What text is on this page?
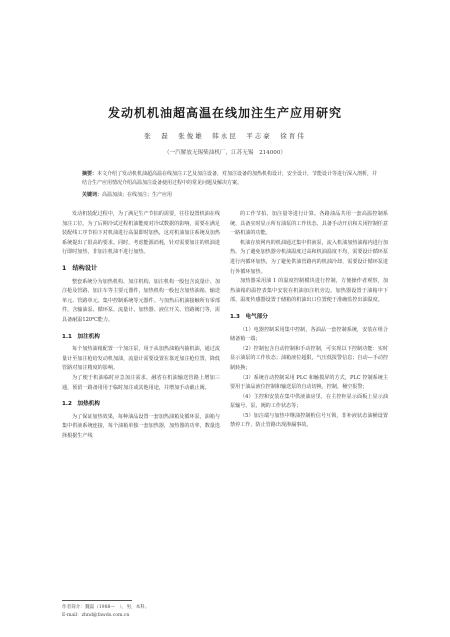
发动机机油超高温在线加注生产应用研究
张　磊　张俊雄　韩永昆　平志豪　徐育伟
（一汽解放无锡柴油机厂，江苏无锡　214000）
摘要：本文介绍了发动机机油超高温在线加注工艺及加注设备，对加注设备的加热机构设计，安全设计，节能设计等进行深入剖析，并结合生产应用情况介绍高温加注设备使用过程中的常见问题及解决方案。
关键词：高温加油；在线加注；生产应用

发动机装配过程中，为了满足生产节拍的需要，往往设置机油在线加注工位。为了后期冷试过程机油能度对冷试数据的影响，需要在满足装配线工序节拍下对机油进行高温即时加热，这对机油加注系统及加热系统提出了很高的要求。同时，考虑能源消耗，针对需要加注的机油进行即时加热，非加注机油不进行加热。

1　结构设计

整套系统分为加热机构、加注机构、加注机构一般包含流量计、加注枪及管路、加注车等主要元器件，加热机构一般包含加热油箱、输送单元、管路单元、集中控制系统等元器件。与加热后机油接触所有零部件，含输油泵、循环泵、流量计、加热器、液位开关、管路阀门等，需具备耐温120℃能力。

1.1　加注机构

每个加热油箱配置一个加注泵，用于从加热油箱内抽机油，通过流量计至加注枪给发动机加油，流量计需要设置在靠近加注枪位置，降低管路对加注精度的影响。

为了便于机油临时应急加注需求，融省在机油输送管路上增加三通，预留一路备用用于临时加注或其他用途，并增加手动截止阀。

1.2　加热机构

为了保证加热效果，每种油品设置一套加热油箱及循环泵，油箱与集中供液系统连接，每个油箱单独一套加热器，加热器的功率，数量选择根据生产线

的工作节拍、加注量等进行计算。各路油品共用一套高温控制系统，具备实时显示所有油泵的工作状态，具备手动开启和关闭控制任意一路机油的功能。

机油存放网内的机油通过集中供液泵，流入机油加热油箱内进行加热。为了避免加热器旁机油温度过高和机油温度不均，需要设计循环泵进行内循环加热，为了避免供油管路内的机油冷却，需要设计循环泵进行外循环加热。

加热器采用油 1 的温度控制模块进行控制，方便操作者观察，加热油箱的温控表集中安装在机油加注机旁边。加热器设置于油箱中下部，温度传感器设置于储箱的机油出口位置便于准确监控出油温度。

1.3　电气部分

（1）电器控制采用集中控制，各油品一套控制系统，安装在组合储备箱一端；

（2）控制包含自动控制和手动控制，可实现以下控制功能：实时显示油泵的工作状态；油箱液位超限，气压低报警信息；自动—手动控制转换；

（3）系统自动控制采用 PLC 和触摸屏的方式，PLC 控制系统主要用于油品液位控制和输送泵的自动切换，控制，桶空报警；

（4）主控和安装在集中供液油房里，在主控柜显示面板上显示油泵输号、泵、阀的工作状态等；

（5）加注端与加热中继油控制桁信号互锁，非补液状态油桶设置禁停工作，防止管路出现渗漏事故。

作者简介：魏磊（1988—　），男，本科。
E-mail：zhnd@fawds.com.cn
